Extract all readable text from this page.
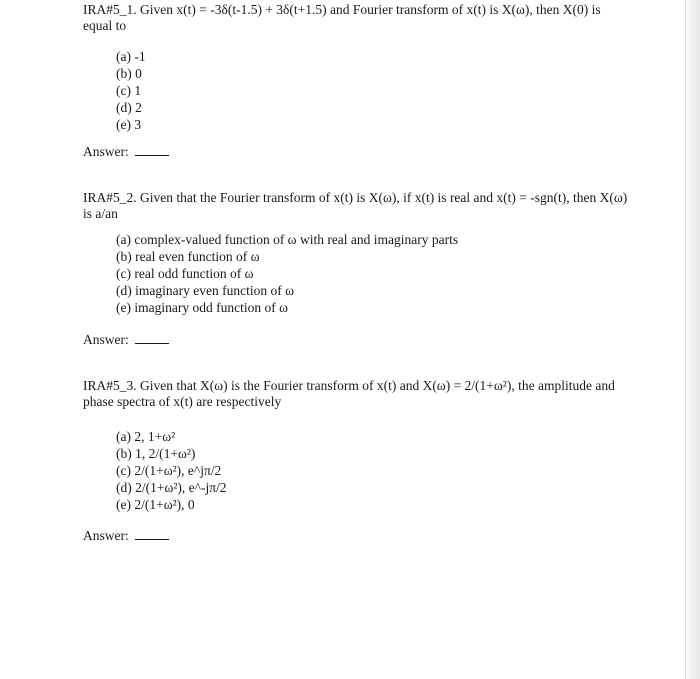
IRA#5_1. Given x(t) = -3δ(t-1.5) + 3δ(t+1.5) and Fourier transform of x(t) is X(ω), then X(0) is equal to
(a) -1
(b) 0
(c) 1
(d) 2
(e) 3
Answer:
IRA#5_2. Given that the Fourier transform of x(t) is X(ω), if x(t) is real and x(t) = -sgn(t), then X(ω) is a/an
(a) complex-valued function of ω with real and imaginary parts
(b) real even function of ω
(c) real odd function of ω
(d) imaginary even function of ω
(e) imaginary odd function of ω
Answer:
IRA#5_3. Given that X(ω) is the Fourier transform of x(t) and X(ω) = 2/(1+ω²), the amplitude and phase spectra of x(t) are respectively
(a) 2, 1+ω²
(b) 1, 2/(1+ω²)
(c) 2/(1+ω²), e^jπ/2
(d) 2/(1+ω²), e^-jπ/2
(e) 2/(1+ω²), 0
Answer:
